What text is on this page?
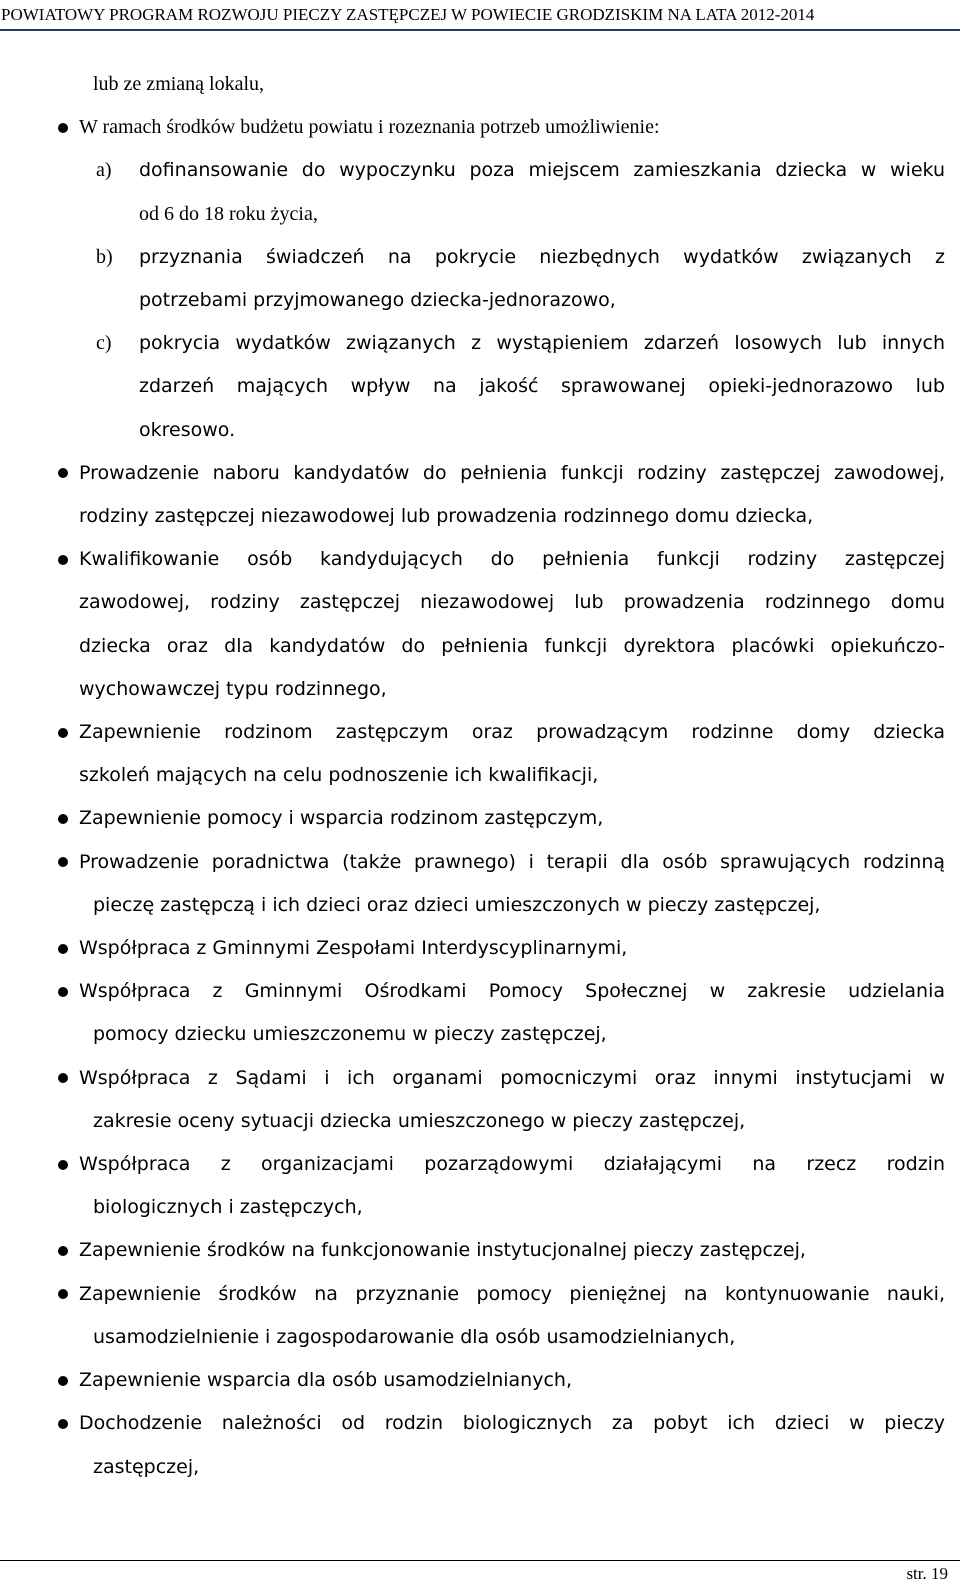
POWIATOWY PROGRAM ROZWOJU PIECZY ZASTĘPCZEJ W POWIECIE GRODZISKIM NA LATA 2012-2014
lub ze zmianą lokalu,
W ramach środków budżetu powiatu i rozeznania potrzeb umożliwienie:
a)	dofinansowanie do wypoczynku poza miejscem zamieszkania dziecka w wieku
od 6 do 18 roku życia,
b)	przyznania świadczeń na pokrycie niezbędnych wydatków związanych z
potrzebami przyjmowanego dziecka-jednorazowo,
c)	pokrycia wydatków związanych z wystąpieniem zdarzeń losowych lub innych
zdarzeń mających wpływ na jakość sprawowanej opieki-jednorazowo lub
okresowo.
Prowadzenie naboru kandydatów do pełnienia funkcji rodziny zastępczej zawodowej,
rodziny zastępczej niezawodowej lub prowadzenia rodzinnego domu dziecka,
Kwalifikowanie osób kandydujących do pełnienia funkcji rodziny zastępczej
zawodowej, rodziny zastępczej niezawodowej lub prowadzenia rodzinnego domu
dziecka oraz dla kandydatów do pełnienia funkcji dyrektora placówki opiekuńczo-
wychowawczej typu rodzinnego,
Zapewnienie rodzinom zastępczym oraz prowadzącym rodzinne domy dziecka
szkoleń mających na celu podnoszenie ich kwalifikacji,
Zapewnienie pomocy i wsparcia rodzinom zastępczym,
Prowadzenie poradnictwa (także prawnego) i terapii dla osób sprawujących rodzinną
pieczę zastępczą i ich dzieci oraz dzieci umieszczonych w pieczy zastępczej,
Współpraca z Gminnymi Zespołami Interdyscyplinarnymi,
Współpraca z Gminnymi Ośrodkami Pomocy Społecznej w zakresie udzielania
pomocy dziecku umieszczonemu w pieczy zastępczej,
Współpraca z Sądami i ich organami pomocniczymi oraz innymi instytucjami w
zakresie oceny sytuacji dziecka umieszczonego w pieczy zastępczej,
Współpraca z organizacjami pozarządowymi działającymi na rzecz rodzin
biologicznych i zastępczych,
Zapewnienie środków na funkcjonowanie instytucjonalnej pieczy zastępczej,
Zapewnienie środków na przyznanie pomocy pieniężnej na kontynuowanie nauki,
usamodzielnienie i zagospodarowanie dla osób usamodzielnianych,
Zapewnienie wsparcia dla osób usamodzielnianych,
Dochodzenie należności od rodzin biologicznych za pobyt ich dzieci w pieczy
zastępczej,
str. 19
